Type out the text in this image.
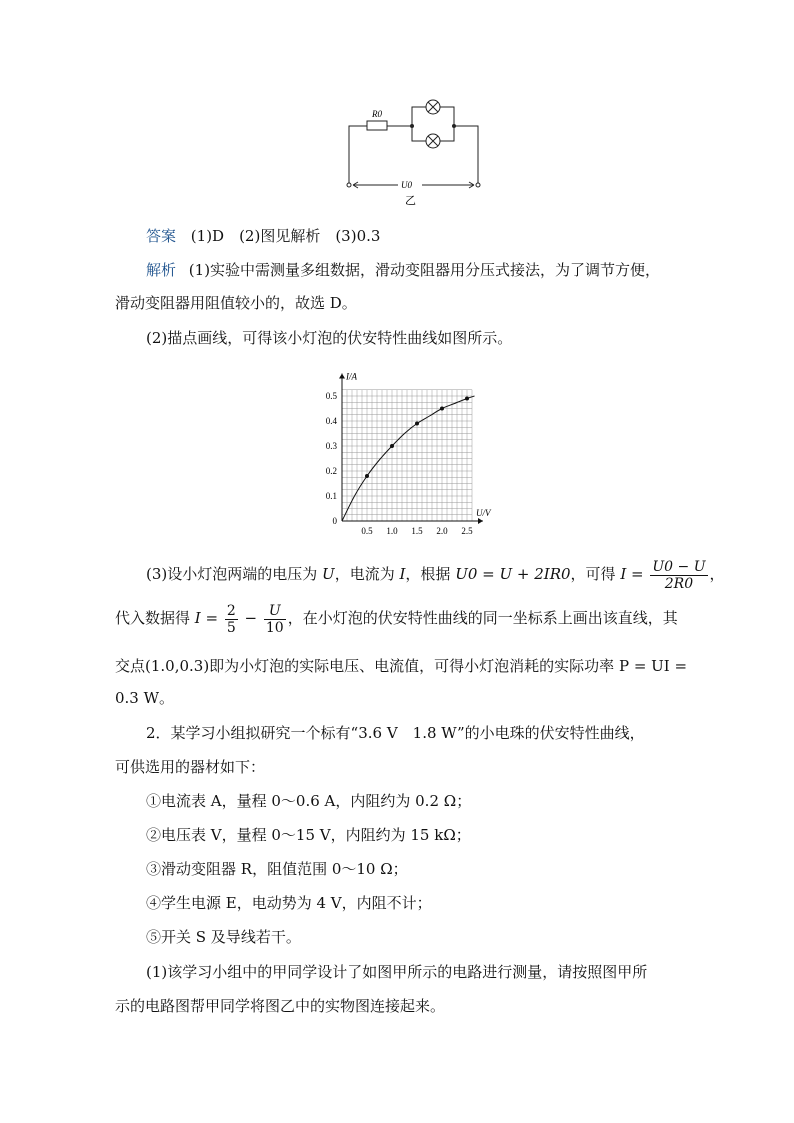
R0
U0
乙
答案 (1)D　(2)图见解析　(3)0.3
解析 (1)实验中需测量多组数据，滑动变阻器用分压式接法，为了调节方便，
滑动变阻器用阻值较小的，故选 D。
(2)描点画线，可得该小灯泡的伏安特性曲线如图所示。
0.5 1.0 1.5 2.0 2.5
0.1
0.2
0.3
0.4
0.5
0
U/V
I/A
(3)设小灯泡两端的电压为 U，电流为 I，根据 U0 = U + 2IR0，可得 $I = \frac{U0 - U}{2R0}$ ，
代入数据得 $I = \frac{2}{5} - \frac{U}{10}$ ，在小灯泡的伏安特性曲线的同一坐标系上画出该直线，其
交点(1.0,0.3)即为小灯泡的实际电压、电流值，可得小灯泡消耗的实际功率 P = UI =
0.3 W。
2．某学习小组拟研究一个标有“3.6 V　1.8 W”的小电珠的伏安特性曲线，
可供选用的器材如下：
①电流表 A，量程 0～0.6 A，内阻约为 0.2 Ω；
②电压表 V，量程 0～15 V，内阻约为 15 kΩ；
③滑动变阻器 R，阻值范围 0～10 Ω；
④学生电源 E，电动势为 4 V，内阻不计；
⑤开关 S 及导线若干。
(1)该学习小组中的甲同学设计了如图甲所示的电路进行测量，请按照图甲所
示的电路图帮甲同学将图乙中的实物图连接起来。
